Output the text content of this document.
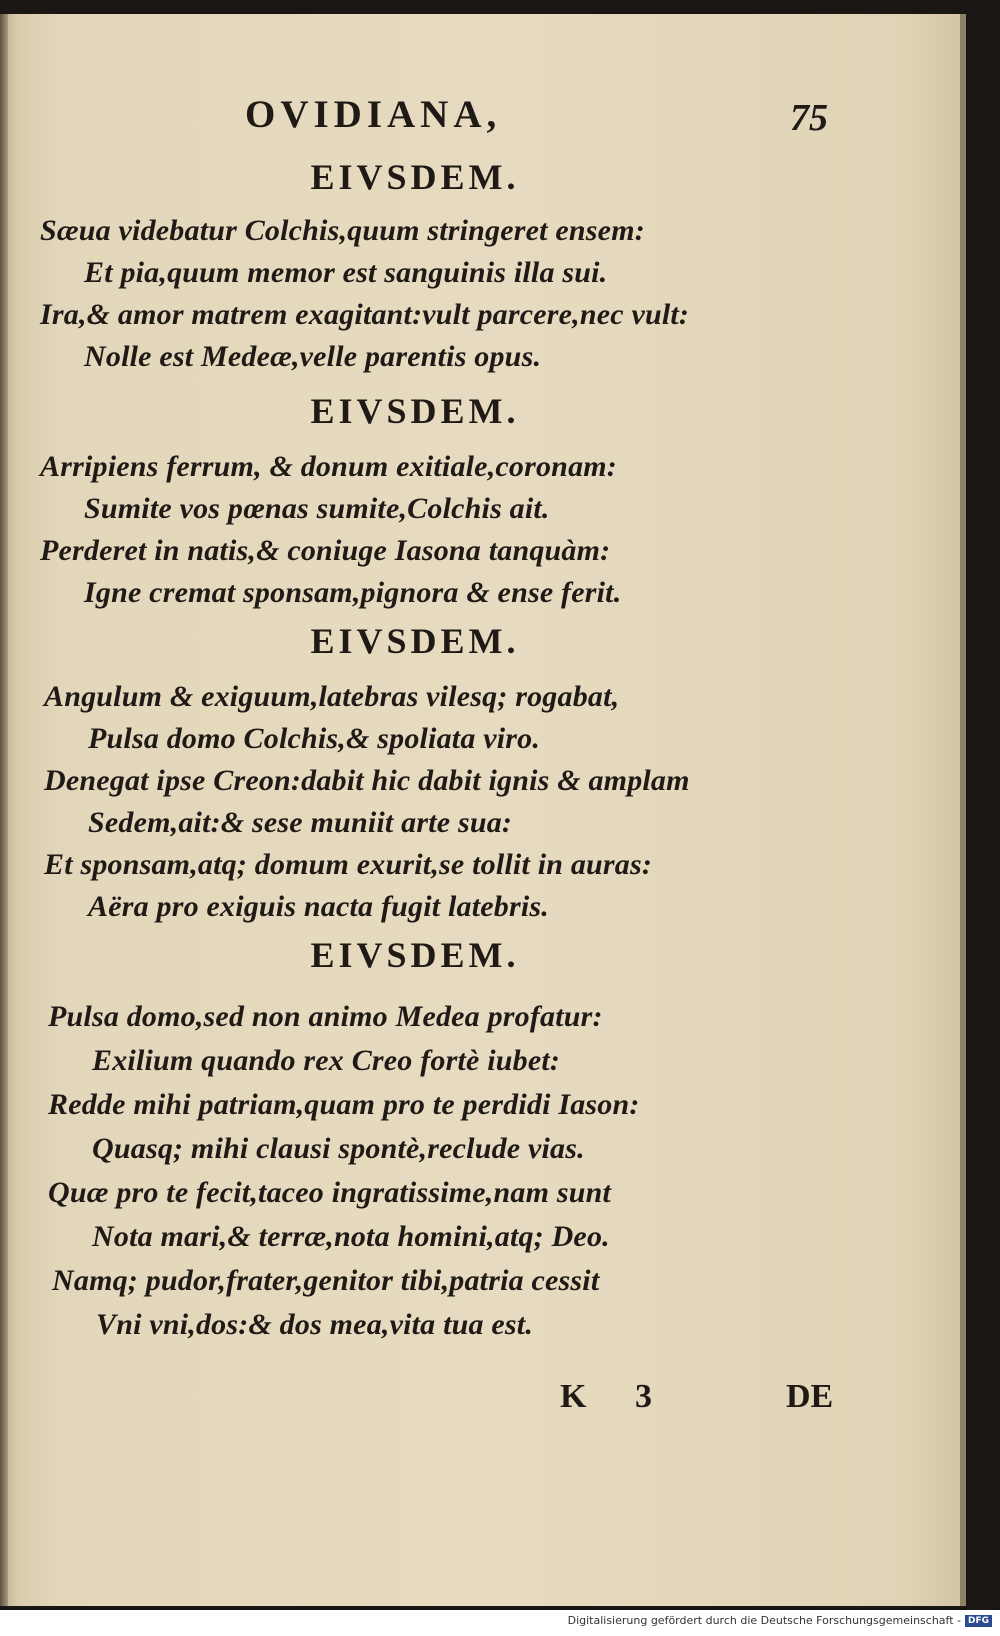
OVIDIANA,	75
EIVSDEM.
Sæua videbatur Colchis,quum stringeret ensem:
Et pia,quum memor est sanguinis illa sui.
Ira,& amor matrem exagitant:vult parcere,nec vult:
Nolle est Medeæ,velle parentis opus.
EIVSDEM.
Arripiens ferrum, & donum exitiale,coronam:
Sumite vos pœnas sumite,Colchis ait.
Perderet in natis,& coniuge Iasona tanquàm:
Igne cremat sponsam,pignora & ense ferit.
EIVSDEM.
Angulum & exiguum,latebras vilesq; rogabat,
Pulsa domo Colchis,& spoliata viro.
Denegat ipse Creon:dabit hic dabit ignis & amplam
Sedem,ait:& sese muniit arte sua:
Et sponsam,atq; domum exurit,se tollit in auras:
Aëra pro exiguis nacta fugit latebris.
EIVSDEM.
Pulsa domo,sed non animo Medea profatur:
Exilium quando rex Creo fortè iubet:
Redde mihi patriam,quam pro te perdidi Iason:
Quasq; mihi clausi spontè,reclude vias.
Quæ pro te fecit,taceo ingratissime,nam sunt
Nota mari,& terræ,nota homini,atq; Deo.
Namq; pudor,frater,genitor tibi,patria cessit
Vni vni,dos:& dos mea,vita tua est.
K 3	DE
Digitalisierung gefördert durch die Deutsche Forschungsgemeinschaft - DFG
